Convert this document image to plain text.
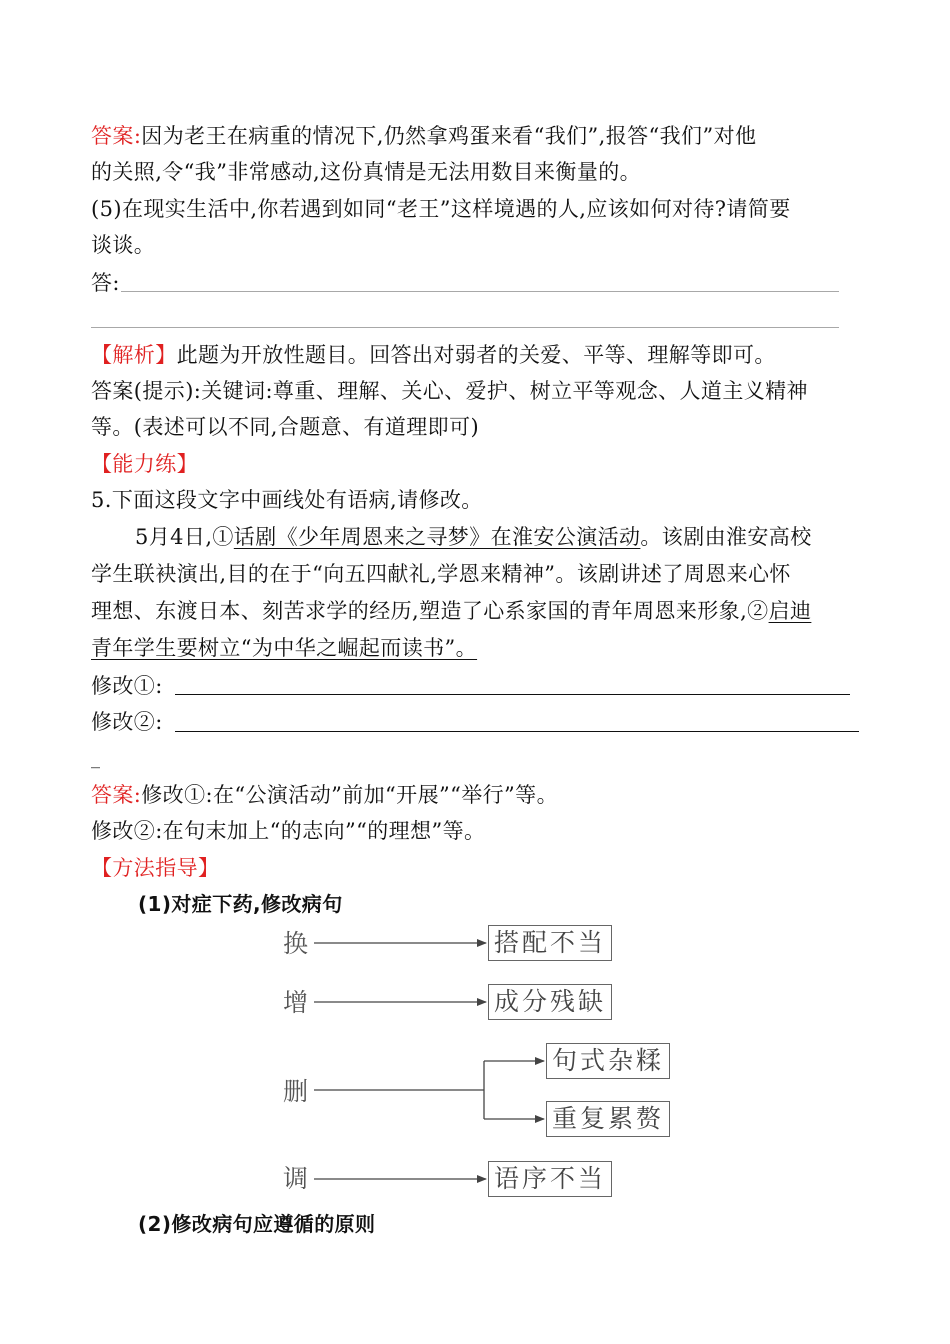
答案:因为老王在病重的情况下,仍然拿鸡蛋来看“我们”,报答“我们”对他
的关照,令“我”非常感动,这份真情是无法用数目来衡量的。
(5)在现实生活中,你若遇到如同“老王”这样境遇的人,应该如何对待?请简要
谈谈。
答:
【解析】此题为开放性题目。回答出对弱者的关爱、平等、理解等即可。
答案(提示):关键词:尊重、理解、关心、爱护、树立平等观念、人道主义精神
等。(表述可以不同,合题意、有道理即可)
【能力练】
5.下面这段文字中画线处有语病,请修改。
5月4日,①话剧《少年周恩来之寻梦》在淮安公演活动。该剧由淮安高校
学生联袂演出,目的在于“向五四献礼,学恩来精神”。该剧讲述了周恩来心怀
理想、东渡日本、刻苦求学的经历,塑造了心系家国的青年周恩来形象,②启迪
青年学生要树立“为中华之崛起而读书”。
修改①:
修改②:
_
答案:修改①:在“公演活动”前加“开展”“举行”等。
修改②:在句末加上“的志向”“的理想”等。
【方法指导】
(1)对症下药,修改病句
换
增
删
调
搭配不当
成分残缺
句式杂糅
重复累赘
语序不当
(2)修改病句应遵循的原则
